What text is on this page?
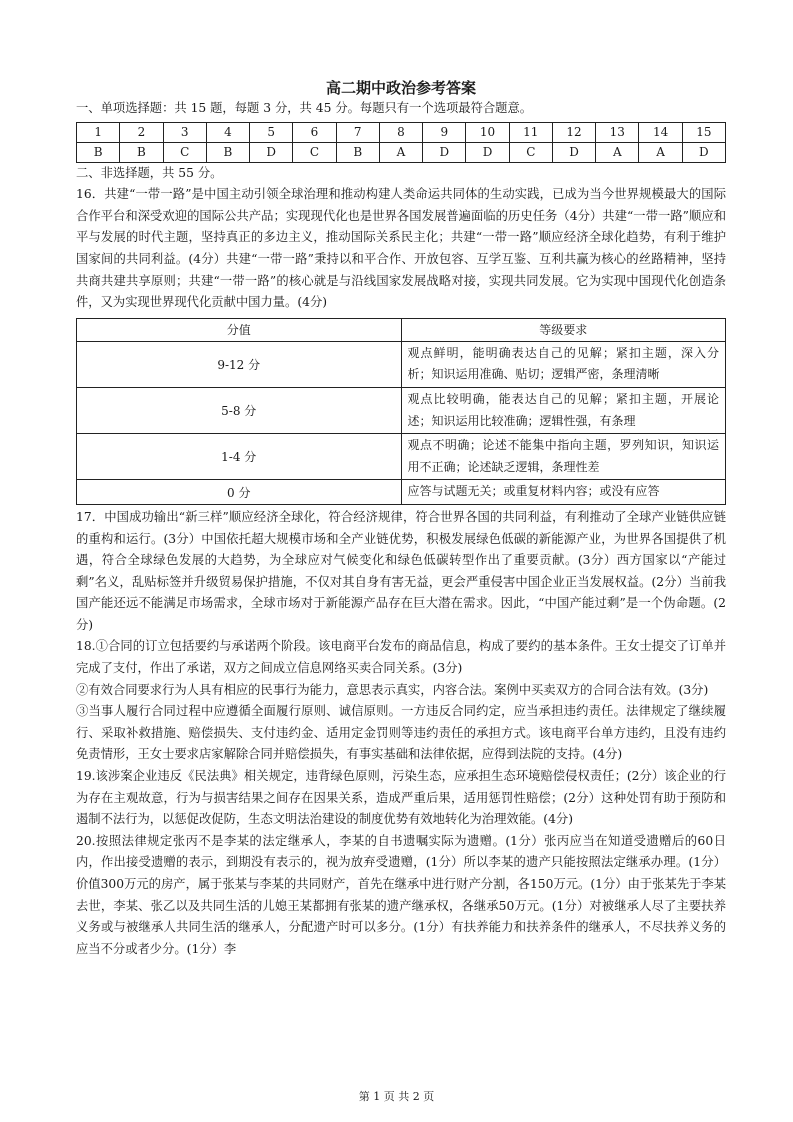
高二期中政治参考答案

一、单项选择题：共 15 题，每题 3 分，共 45 分。每题只有一个选项最符合题意。

1	2	3	4	5	6	7	8	9	10	11	12	13	14	15
B	B	C	B	D	C	B	A	D	D	C	D	A	A	D

二、非选择题，共 55 分。

16．共建“一带一路”是中国主动引领全球治理和推动构建人类命运共同体的生动实践，已成为当今世界规模最大的国际合作平台和深受欢迎的国际公共产品；实现现代化也是世界各国发展普遍面临的历史任务（4分）共建“一带一路”顺应和平与发展的时代主题，坚持真正的多边主义，推动国际关系民主化；共建“一带一路”顺应经济全球化趋势，有利于维护国家间的共同利益。(4分）共建“一带一路”秉持以和平合作、开放包容、互学互鉴、互利共赢为核心的丝路精神，坚持共商共建共享原则；共建“一带一路”的核心就是与沿线国家发展战略对接，实现共同发展。它为实现中国现代化创造条件，又为实现世界现代化贡献中国力量。(4分)

分值	等级要求
9-12 分	观点鲜明，能明确表达自己的见解；紧扣主题，深入分析；知识运用准确、贴切；逻辑严密，条理清晰
5-8 分	观点比较明确，能表达自己的见解；紧扣主题，开展论述；知识运用比较准确；逻辑性强，有条理
1-4 分	观点不明确；论述不能集中指向主题，罗列知识，知识运用不正确；论述缺乏逻辑，条理性差
0 分	应答与试题无关；或重复材料内容；或没有应答

17．中国成功输出“新三样”顺应经济全球化，符合经济规律，符合世界各国的共同利益，有利推动了全球产业链供应链的重构和运行。(3分）中国依托超大规模市场和全产业链优势，积极发展绿色低碳的新能源产业，为世界各国提供了机遇，符合全球绿色发展的大趋势，为全球应对气候变化和绿色低碳转型作出了重要贡献。(3分）西方国家以“产能过剩”名义，乱贴标签并升级贸易保护措施，不仅对其自身有害无益，更会严重侵害中国企业正当发展权益。(2分）当前我国产能还远不能满足市场需求，全球市场对于新能源产品存在巨大潜在需求。因此，“中国产能过剩”是一个伪命题。(2分)

18.①合同的订立包括要约与承诺两个阶段。该电商平台发布的商品信息，构成了要约的基本条件。王女士提交了订单并完成了支付，作出了承诺，双方之间成立信息网络买卖合同关系。(3分)

②有效合同要求行为人具有相应的民事行为能力，意思表示真实，内容合法。案例中买卖双方的合同合法有效。(3分)

③当事人履行合同过程中应遵循全面履行原则、诚信原则。一方违反合同约定，应当承担违约责任。法律规定了继续履行、采取补救措施、赔偿损失、支付违约金、适用定金罚则等违约责任的承担方式。该电商平台单方违约，且没有违约免责情形，王女士要求店家解除合同并赔偿损失，有事实基础和法律依据，应得到法院的支持。(4分)

19.该涉案企业违反《民法典》相关规定，违背绿色原则，污染生态，应承担生态环境赔偿侵权责任；(2分）该企业的行为存在主观故意，行为与损害结果之间存在因果关系，造成严重后果，适用惩罚性赔偿；(2分）这种处罚有助于预防和遏制不法行为，以惩促改促防，生态文明法治建设的制度优势有效地转化为治理效能。(4分)

20.按照法律规定张丙不是李某的法定继承人，李某的自书遗嘱实际为遗赠。(1分）张丙应当在知道受遗赠后的60日内，作出接受遗赠的表示，到期没有表示的，视为放弃受遗赠，(1分）所以李某的遗产只能按照法定继承办理。(1分）价值300万元的房产，属于张某与李某的共同财产，首先在继承中进行财产分割，各150万元。(1分）由于张某先于李某去世，李某、张乙以及共同生活的儿媳王某都拥有张某的遗产继承权，各继承50万元。(1分）对被继承人尽了主要扶养义务或与被继承人共同生活的继承人，分配遗产时可以多分。(1分）有扶养能力和扶养条件的继承人，不尽扶养义务的应当不分或者少分。(1分）李

第 1 页 共 2 页
